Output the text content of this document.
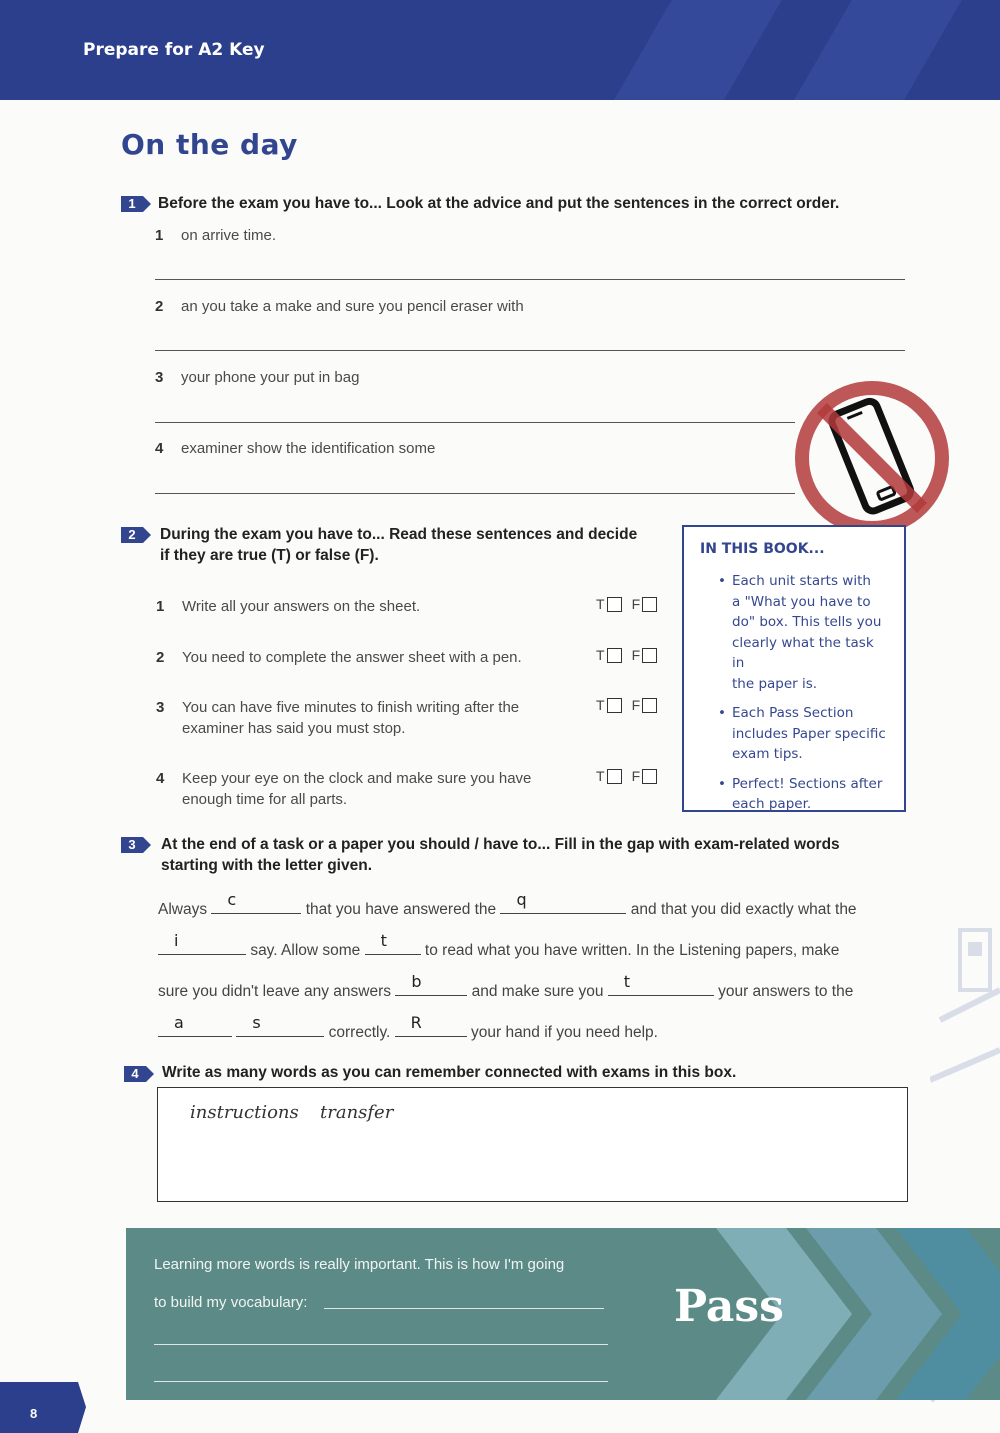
Prepare for A2 Key
On the day
1	Before the exam you have to... Look at the advice and put the sentences in the correct order.
1 on arrive time.
2 an you take a make and sure you pencil eraser with
3 your phone your put in bag
4 examiner show the identification some
2	During the exam you have to... Read these sentences and decide
if they are true (T) or false (F).
1 Write all your answers on the sheet.	T F
2 You need to complete the answer sheet with a pen.	T F
3 You can have five minutes to finish writing after the
examiner has said you must stop.
T F
4 Keep your eye on the clock and make sure you have
enough time for all parts.
T F
IN THIS BOOK...
• Each unit starts with
a "What you have to
do" box. This tells you
clearly what the task in
the paper is.
• Each Pass Section
includes Paper specific
exam tips.
• Perfect! Sections after
each paper.
3	At the end of a task or a paper you should / have to... Fill in the gap with exam-related words
starting with the letter given.
Always
c
that you have answered the
q
and that you did exactly what the
i
say. Allow some
t
to read what you have written. In the Listening papers, make
sure you didn't leave any answers
b
and make sure you
t
your answers to the
a
	s
correctly.
R
your hand if you need help.
4	Write as many words as you can remember connected with exams in this box.
instructions transfer
Learning more words is really important. This is how I'm going
to build my vocabulary:	Pass
8
